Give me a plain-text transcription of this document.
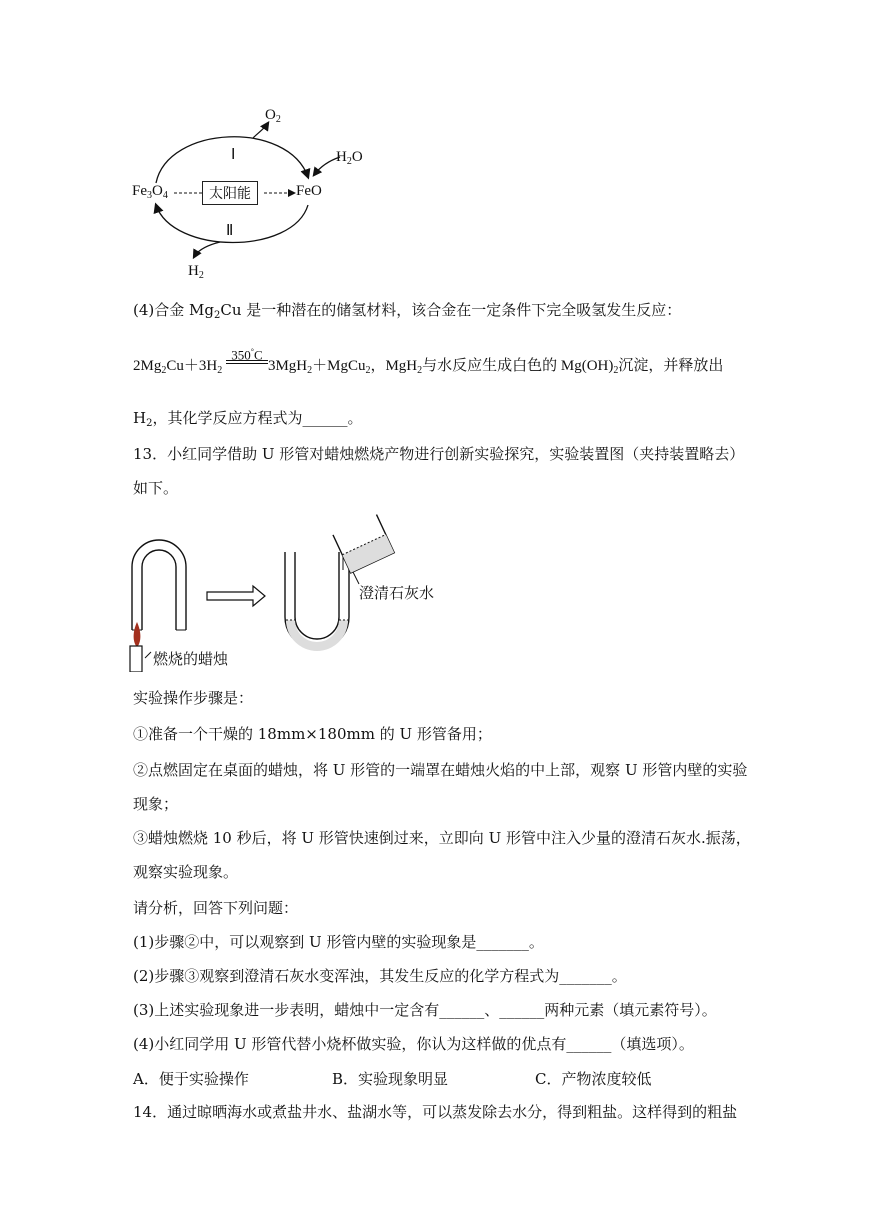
$O_2$
Ⅰ	$H_2O$
$Fe_3O_4$	太阳能	FeO
Ⅱ
$H_2$
(4)合金 $Mg_2Cu$ 是一种潜在的储氢材料，该合金在一定条件下完全吸氢发生反应：
$2Mg_2Cu+3H_2$
350°C
3MgH$_2$＋MgCu$_2$，MgH$_2$与水反应生成白色的 $Mg(OH)_2$沉淀，并释放出
$H_2$，其化学反应方程式为______。
13．小红同学借助 U 形管对蜡烛燃烧产物进行创新实验探究，实验装置图（夹持装置略去）
如下。
澄清石灰水
燃烧的蜡烛
实验操作步骤是：
①准备一个干燥的 18mm×180mm 的 U 形管备用；
②点燃固定在桌面的蜡烛，将 U 形管的一端罩在蜡烛火焰的中上部，观察 U 形管内壁的实验
现象；
③蜡烛燃烧 10 秒后，将 U 形管快速倒过来，立即向 U 形管中注入少量的澄清石灰水.振荡，
观察实验现象。
请分析，回答下列问题：
(1)步骤②中，可以观察到 U 形管内壁的实验现象是_______。
(2)步骤③观察到澄清石灰水变浑浊，其发生反应的化学方程式为_______。
(3)上述实验现象进一步表明，蜡烛中一定含有______、______两种元素（填元素符号）。
(4)小红同学用 U 形管代替小烧杯做实验，你认为这样做的优点有______（填选项）。
A．便于实验操作	B．实验现象明显	C．产物浓度较低
14．通过晾晒海水或煮盐井水、盐湖水等，可以蒸发除去水分，得到粗盐。这样得到的粗盐
